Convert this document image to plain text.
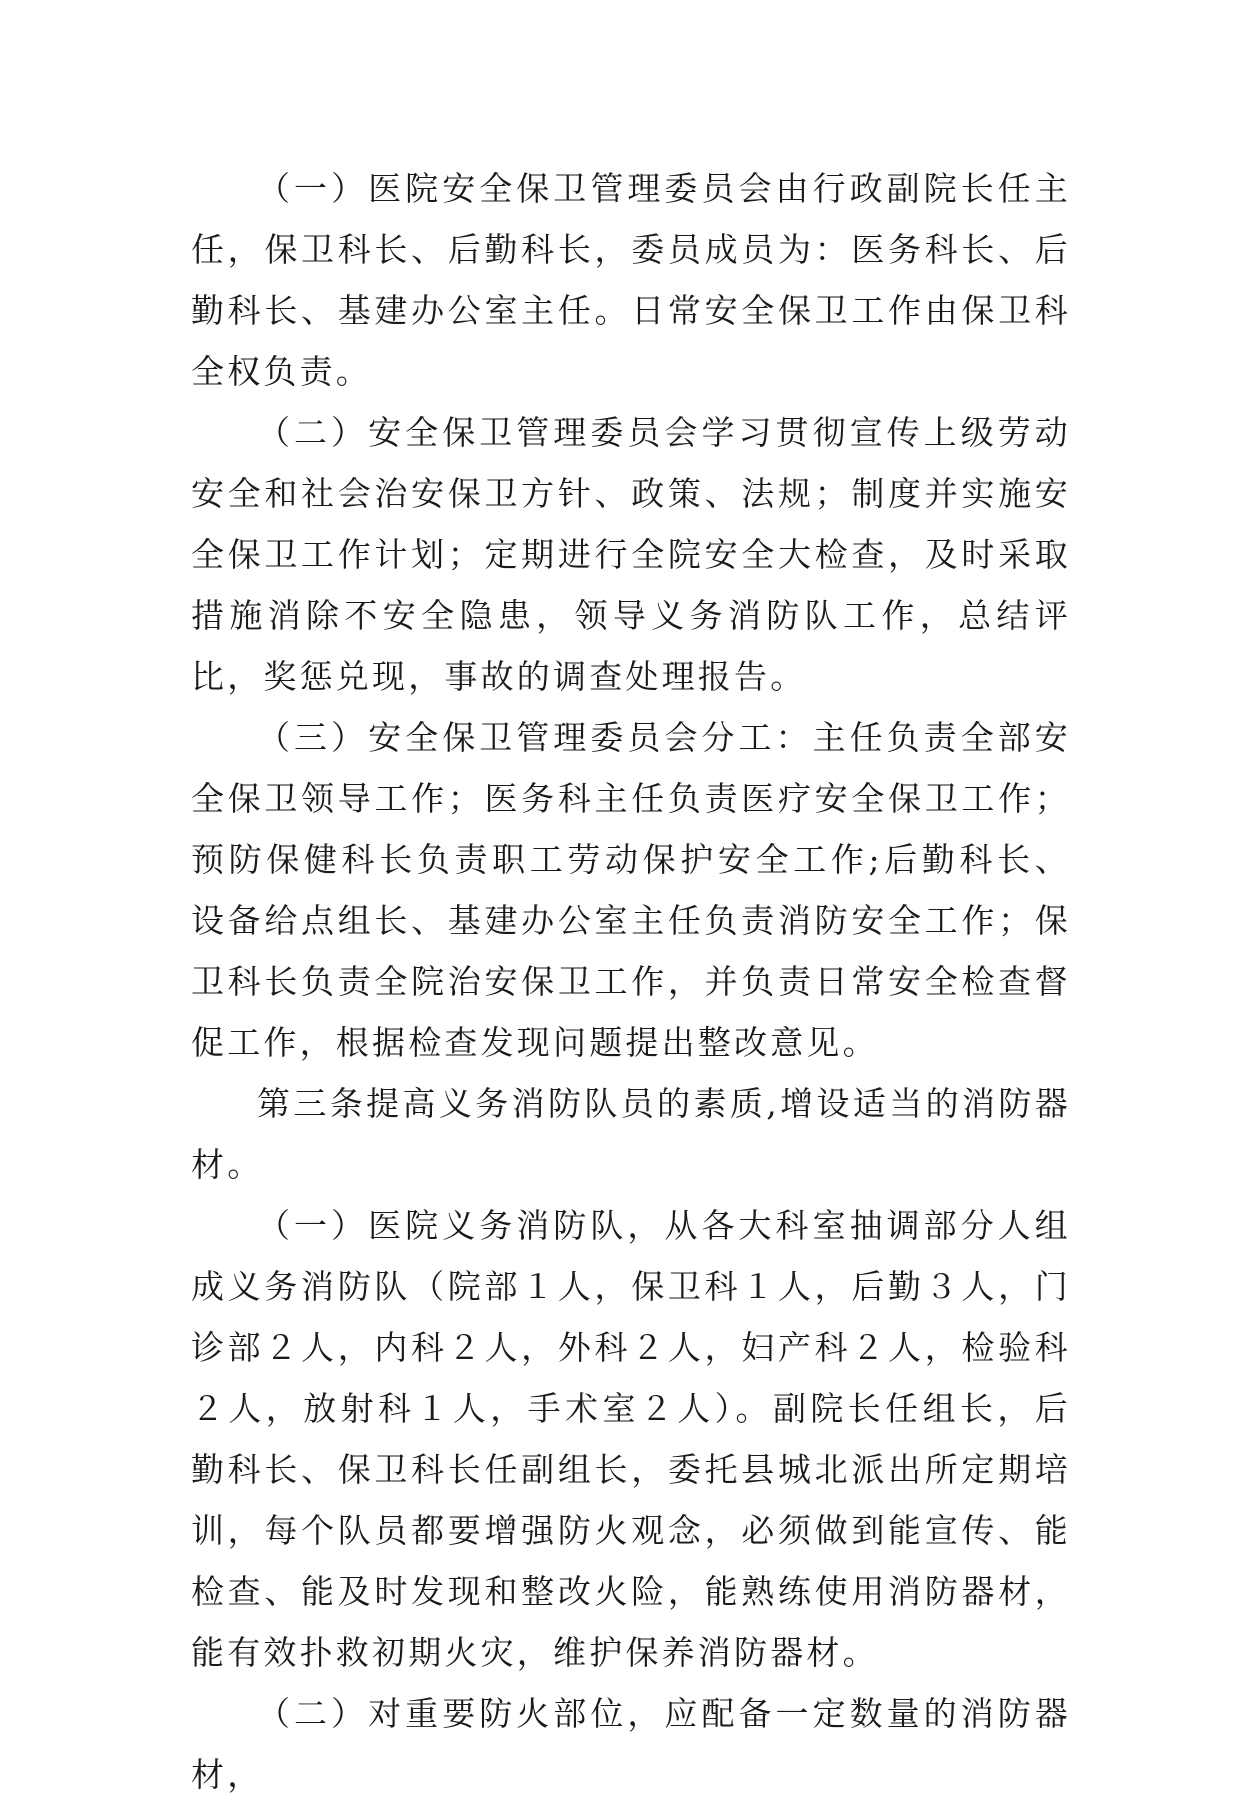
（一）医院安全保卫管理委员会由行政副院长任主任，保卫科长、后勤科长，委员成员为：医务科长、后勤科长、基建办公室主任。日常安全保卫工作由保卫科全权负责。

（二）安全保卫管理委员会学习贯彻宣传上级劳动安全和社会治安保卫方针、政策、法规；制度并实施安全保卫工作计划；定期进行全院安全大检查，及时采取措施消除不安全隐患，领导义务消防队工作，总结评比，奖惩兑现，事故的调查处理报告。

（三）安全保卫管理委员会分工：主任负责全部安全保卫领导工作；医务科主任负责医疗安全保卫工作；预防保健科长负责职工劳动保护安全工作;后勤科长、设备给点组长、基建办公室主任负责消防安全工作；保卫科长负责全院治安保卫工作，并负责日常安全检查督促工作，根据检查发现问题提出整改意见。

第三条提高义务消防队员的素质,增设适当的消防器材。

（一）医院义务消防队，从各大科室抽调部分人组成义务消防队（院部１人，保卫科１人，后勤３人，门诊部２人，内科２人，外科２人，妇产科２人，检验科２人，放射科１人，手术室２人）。副院长任组长，后勤科长、保卫科长任副组长，委托县城北派出所定期培训，每个队员都要增强防火观念，必须做到能宣传、能检查、能及时发现和整改火险，能熟练使用消防器材，能有效扑救初期火灾，维护保养消防器材。

（二）对重要防火部位，应配备一定数量的消防器材，
